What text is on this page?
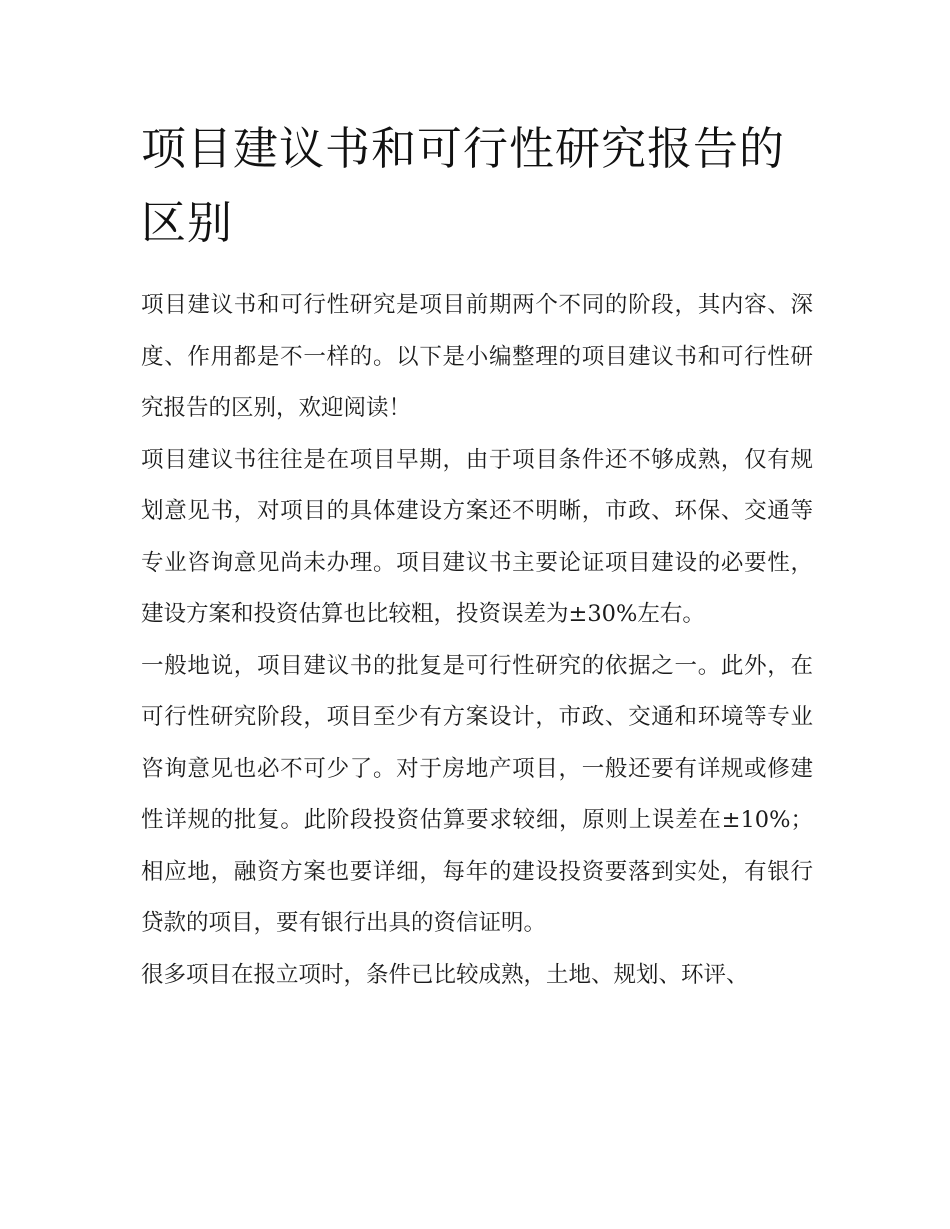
项目建议书和可行性研究报告的区别

项目建议书和可行性研究是项目前期两个不同的阶段，其内容、深度、作用都是不一样的。以下是小编整理的项目建议书和可行性研究报告的区别，欢迎阅读！

项目建议书往往是在项目早期，由于项目条件还不够成熟，仅有规划意见书，对项目的具体建设方案还不明晰，市政、环保、交通等专业咨询意见尚未办理。项目建议书主要论证项目建设的必要性，建设方案和投资估算也比较粗，投资误差为±30%左右。

一般地说，项目建议书的批复是可行性研究的依据之一。此外，在可行性研究阶段，项目至少有方案设计，市政、交通和环境等专业咨询意见也必不可少了。对于房地产项目，一般还要有详规或修建性详规的批复。此阶段投资估算要求较细，原则上误差在±10%；相应地，融资方案也要详细，每年的建设投资要落到实处，有银行贷款的项目，要有银行出具的资信证明。

很多项目在报立项时，条件已比较成熟，土地、规划、环评、
